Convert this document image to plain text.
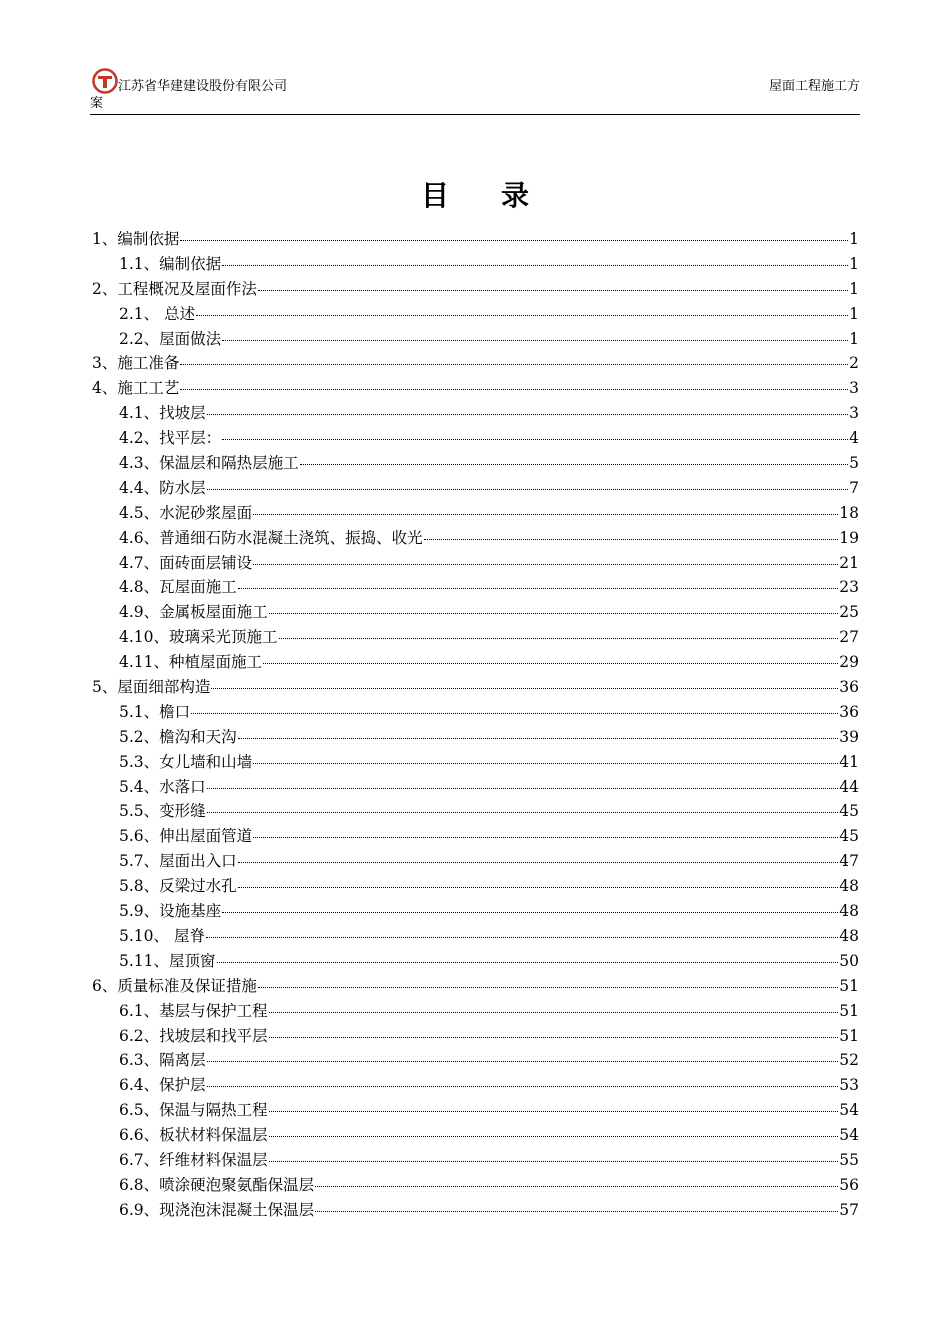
江苏省华建建设股份有限公司
案
屋面工程施工方
目录
1、编制依据	1
1.1、编制依据	1
2、工程概况及屋面作法	1
2.1、 总述	1
2.2、屋面做法	1
3、施工准备	2
4、施工工艺	3
4.1、找坡层	3
4.2、找平层：	4
4.3、保温层和隔热层施工	5
4.4、防水层	7
4.5、水泥砂浆屋面	18
4.6、普通细石防水混凝土浇筑、振捣、收光	19
4.7、面砖面层铺设	21
4.8、瓦屋面施工	23
4.9、金属板屋面施工	25
4.10、玻璃采光顶施工	27
4.11、种植屋面施工	29
5、屋面细部构造	36
5.1、檐口	36
5.2、檐沟和天沟	39
5.3、女儿墙和山墙	41
5.4、水落口	44
5.5、变形缝	45
5.6、伸出屋面管道	45
5.7、屋面出入口	47
5.8、反梁过水孔	48
5.9、设施基座	48
5.10、 屋脊	48
5.11、屋顶窗	50
6、质量标准及保证措施	51
6.1、基层与保护工程	51
6.2、找坡层和找平层	51
6.3、隔离层	52
6.4、保护层	53
6.5、保温与隔热工程	54
6.6、板状材料保温层	54
6.7、纤维材料保温层	55
6.8、喷涂硬泡聚氨酯保温层	56
6.9、现浇泡沫混凝土保温层	57
